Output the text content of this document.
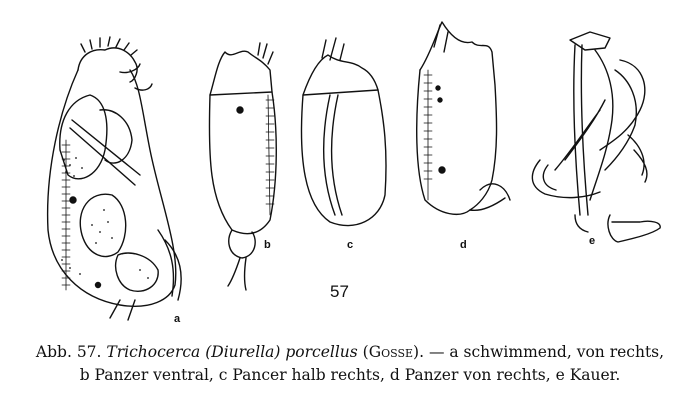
a
b	c	d	e
57
Abb. 57. Trichocerca (Diurella) porcellus (Gosse). — a schwimmend, von rechts,
b Panzer ventral, c Pancer halb rechts, d Panzer von rechts, e Kauer.
